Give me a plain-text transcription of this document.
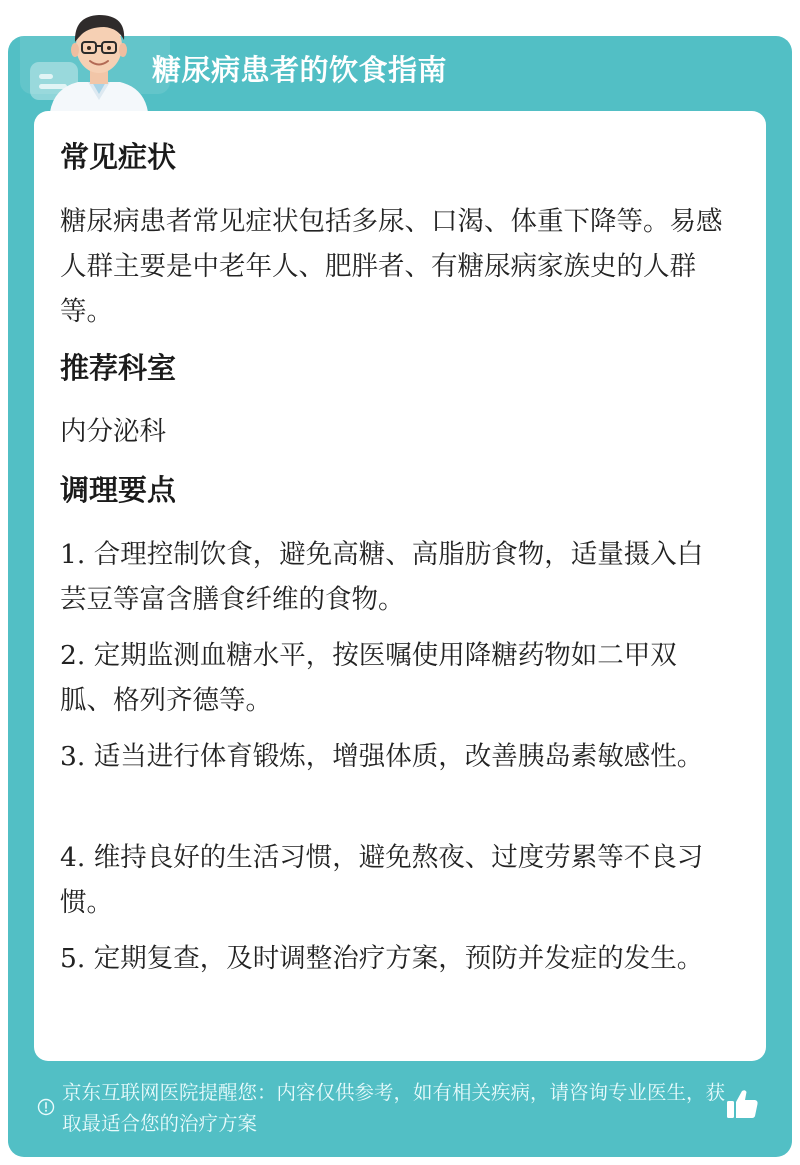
糖尿病患者的饮食指南
常见症状
糖尿病患者常见症状包括多尿、口渴、体重下降等。易感人群主要是中老年人、肥胖者、有糖尿病家族史的人群等。
推荐科室
内分泌科
调理要点
1. 合理控制饮食，避免高糖、高脂肪食物，适量摄入白芸豆等富含膳食纤维的食物。
2. 定期监测血糖水平，按医嘱使用降糖药物如二甲双胍、格列齐德等。
3. 适当进行体育锻炼，增强体质，改善胰岛素敏感性。
4. 维持良好的生活习惯，避免熬夜、过度劳累等不良习惯。
5. 定期复查，及时调整治疗方案，预防并发症的发生。
京东互联网医院提醒您：内容仅供参考，如有相关疾病，请咨询专业医生，获取最适合您的治疗方案
